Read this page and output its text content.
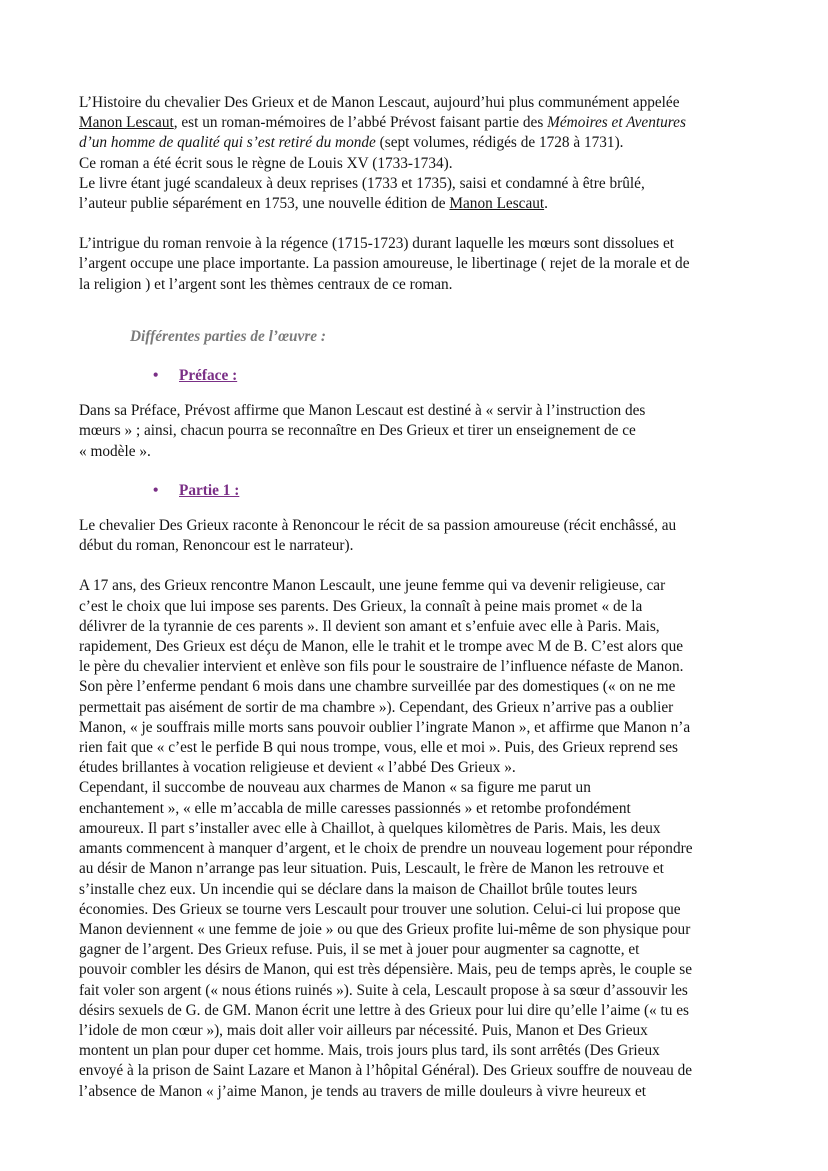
L’Histoire du chevalier Des Grieux et de Manon Lescaut, aujourd’hui plus communément appelée

Manon Lescaut, est un roman-mémoires de l’abbé Prévost faisant partie des Mémoires et Aventures

d’un homme de qualité qui s’est retiré du monde (sept volumes, rédigés de 1728 à 1731).

Ce roman a été écrit sous le règne de Louis XV (1733-1734).

Le livre étant jugé scandaleux à deux reprises (1733 et 1735), saisi et condamné à être brûlé,

l’auteur publie séparément en 1753, une nouvelle édition de Manon Lescaut.

L’intrigue du roman renvoie à la régence (1715-1723) durant laquelle les mœurs sont dissolues et

l’argent occupe une place importante. La passion amoureuse, le libertinage ( rejet de la morale et de

la religion ) et l’argent sont les thèmes centraux de ce roman.

Différentes parties de l’œuvre :

• Préface :

Dans sa Préface, Prévost affirme que Manon Lescaut est destiné à « servir à l’instruction des

mœurs » ; ainsi, chacun pourra se reconnaître en Des Grieux et tirer un enseignement de ce

« modèle ».

• Partie 1 :

Le chevalier Des Grieux raconte à Renoncour le récit de sa passion amoureuse (récit enchâssé, au

début du roman, Renoncour est le narrateur).

A 17 ans, des Grieux rencontre Manon Lescault, une jeune femme qui va devenir religieuse, car

c’est le choix que lui impose ses parents. Des Grieux, la connaît à peine mais promet « de la

délivrer de la tyrannie de ces parents ». Il devient son amant et s’enfuie avec elle à Paris. Mais,

rapidement, Des Grieux est déçu de Manon, elle le trahit et le trompe avec M de B. C’est alors que

le père du chevalier intervient et enlève son fils pour le soustraire de l’influence néfaste de Manon.

Son père l’enferme pendant 6 mois dans une chambre surveillée par des domestiques (« on ne me

permettait pas aisément de sortir de ma chambre »). Cependant, des Grieux n’arrive pas a oublier

Manon, « je souffrais mille morts sans pouvoir oublier l’ingrate Manon », et affirme que Manon n’a

rien fait que « c’est le perfide B qui nous trompe, vous, elle et moi ». Puis, des Grieux reprend ses

études brillantes à vocation religieuse et devient « l’abbé Des Grieux ».

Cependant, il succombe de nouveau aux charmes de Manon « sa figure me parut un

enchantement », « elle m’accabla de mille caresses passionnés » et retombe profondément

amoureux. Il part s’installer avec elle à Chaillot, à quelques kilomètres de Paris. Mais, les deux

amants commencent à manquer d’argent, et le choix de prendre un nouveau logement pour répondre

au désir de Manon n’arrange pas leur situation. Puis, Lescault, le frère de Manon les retrouve et

s’installe chez eux. Un incendie qui se déclare dans la maison de Chaillot brûle toutes leurs

économies. Des Grieux se tourne vers Lescault pour trouver une solution. Celui-ci lui propose que

Manon deviennent « une femme de joie » ou que des Grieux profite lui-même de son physique pour

gagner de l’argent. Des Grieux refuse. Puis, il se met à jouer pour augmenter sa cagnotte, et

pouvoir combler les désirs de Manon, qui est très dépensière. Mais, peu de temps après, le couple se

fait voler son argent (« nous étions ruinés »). Suite à cela, Lescault propose à sa sœur d’assouvir les

désirs sexuels de G. de GM. Manon écrit une lettre à des Grieux pour lui dire qu’elle l’aime (« tu es

l’idole de mon cœur »), mais doit aller voir ailleurs par nécessité. Puis, Manon et Des Grieux

montent un plan pour duper cet homme. Mais, trois jours plus tard, ils sont arrêtés (Des Grieux

envoyé à la prison de Saint Lazare et Manon à l’hôpital Général). Des Grieux souffre de nouveau de

l’absence de Manon « j’aime Manon, je tends au travers de mille douleurs à vivre heureux et
